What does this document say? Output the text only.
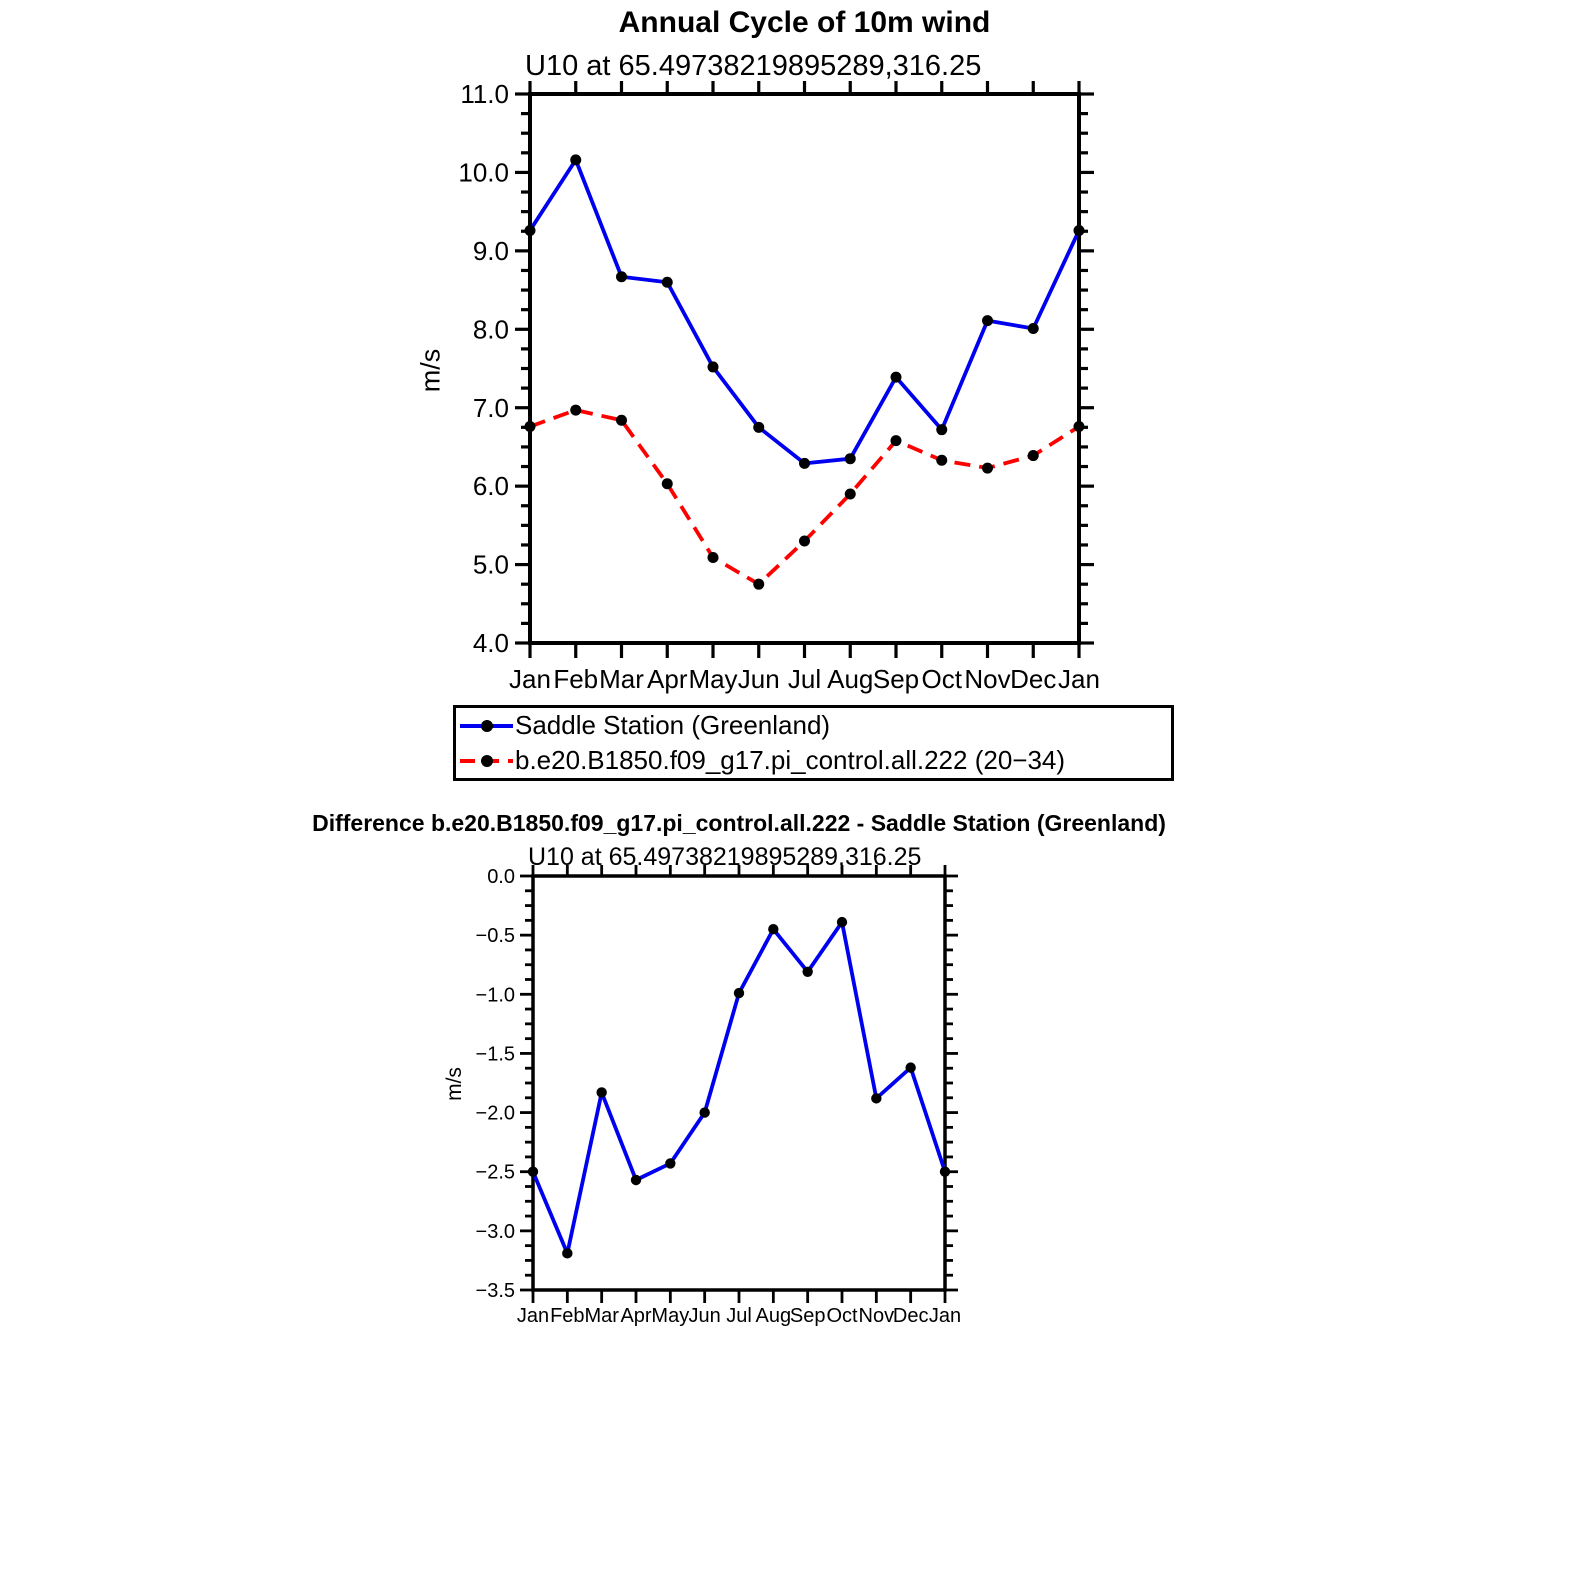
11.0
10.0
9.0
8.0
7.0
6.0
5.0
4.0
Jan Feb Mar Apr May Jun Jul Aug Sep Oct Nov Dec Jan
0.0
−0.5
−1.0
−1.5
−2.0
−2.5
−3.0
−3.5
Jan Feb Mar Apr May Jun Jul Aug
Sep Oct Nov
Dec Jan
Annual Cycle of 10m wind
U10 at 65.49738219895289,316.25
m/s
Saddle Station (Greenland)
b.e20.B1850.f09_g17.pi_control.all.222 (20−34)
Difference b.e20.B1850.f09_g17.pi_control.all.222 - Saddle Station (Greenland)
U10 at 65.49738219895289,316.25
m/s
